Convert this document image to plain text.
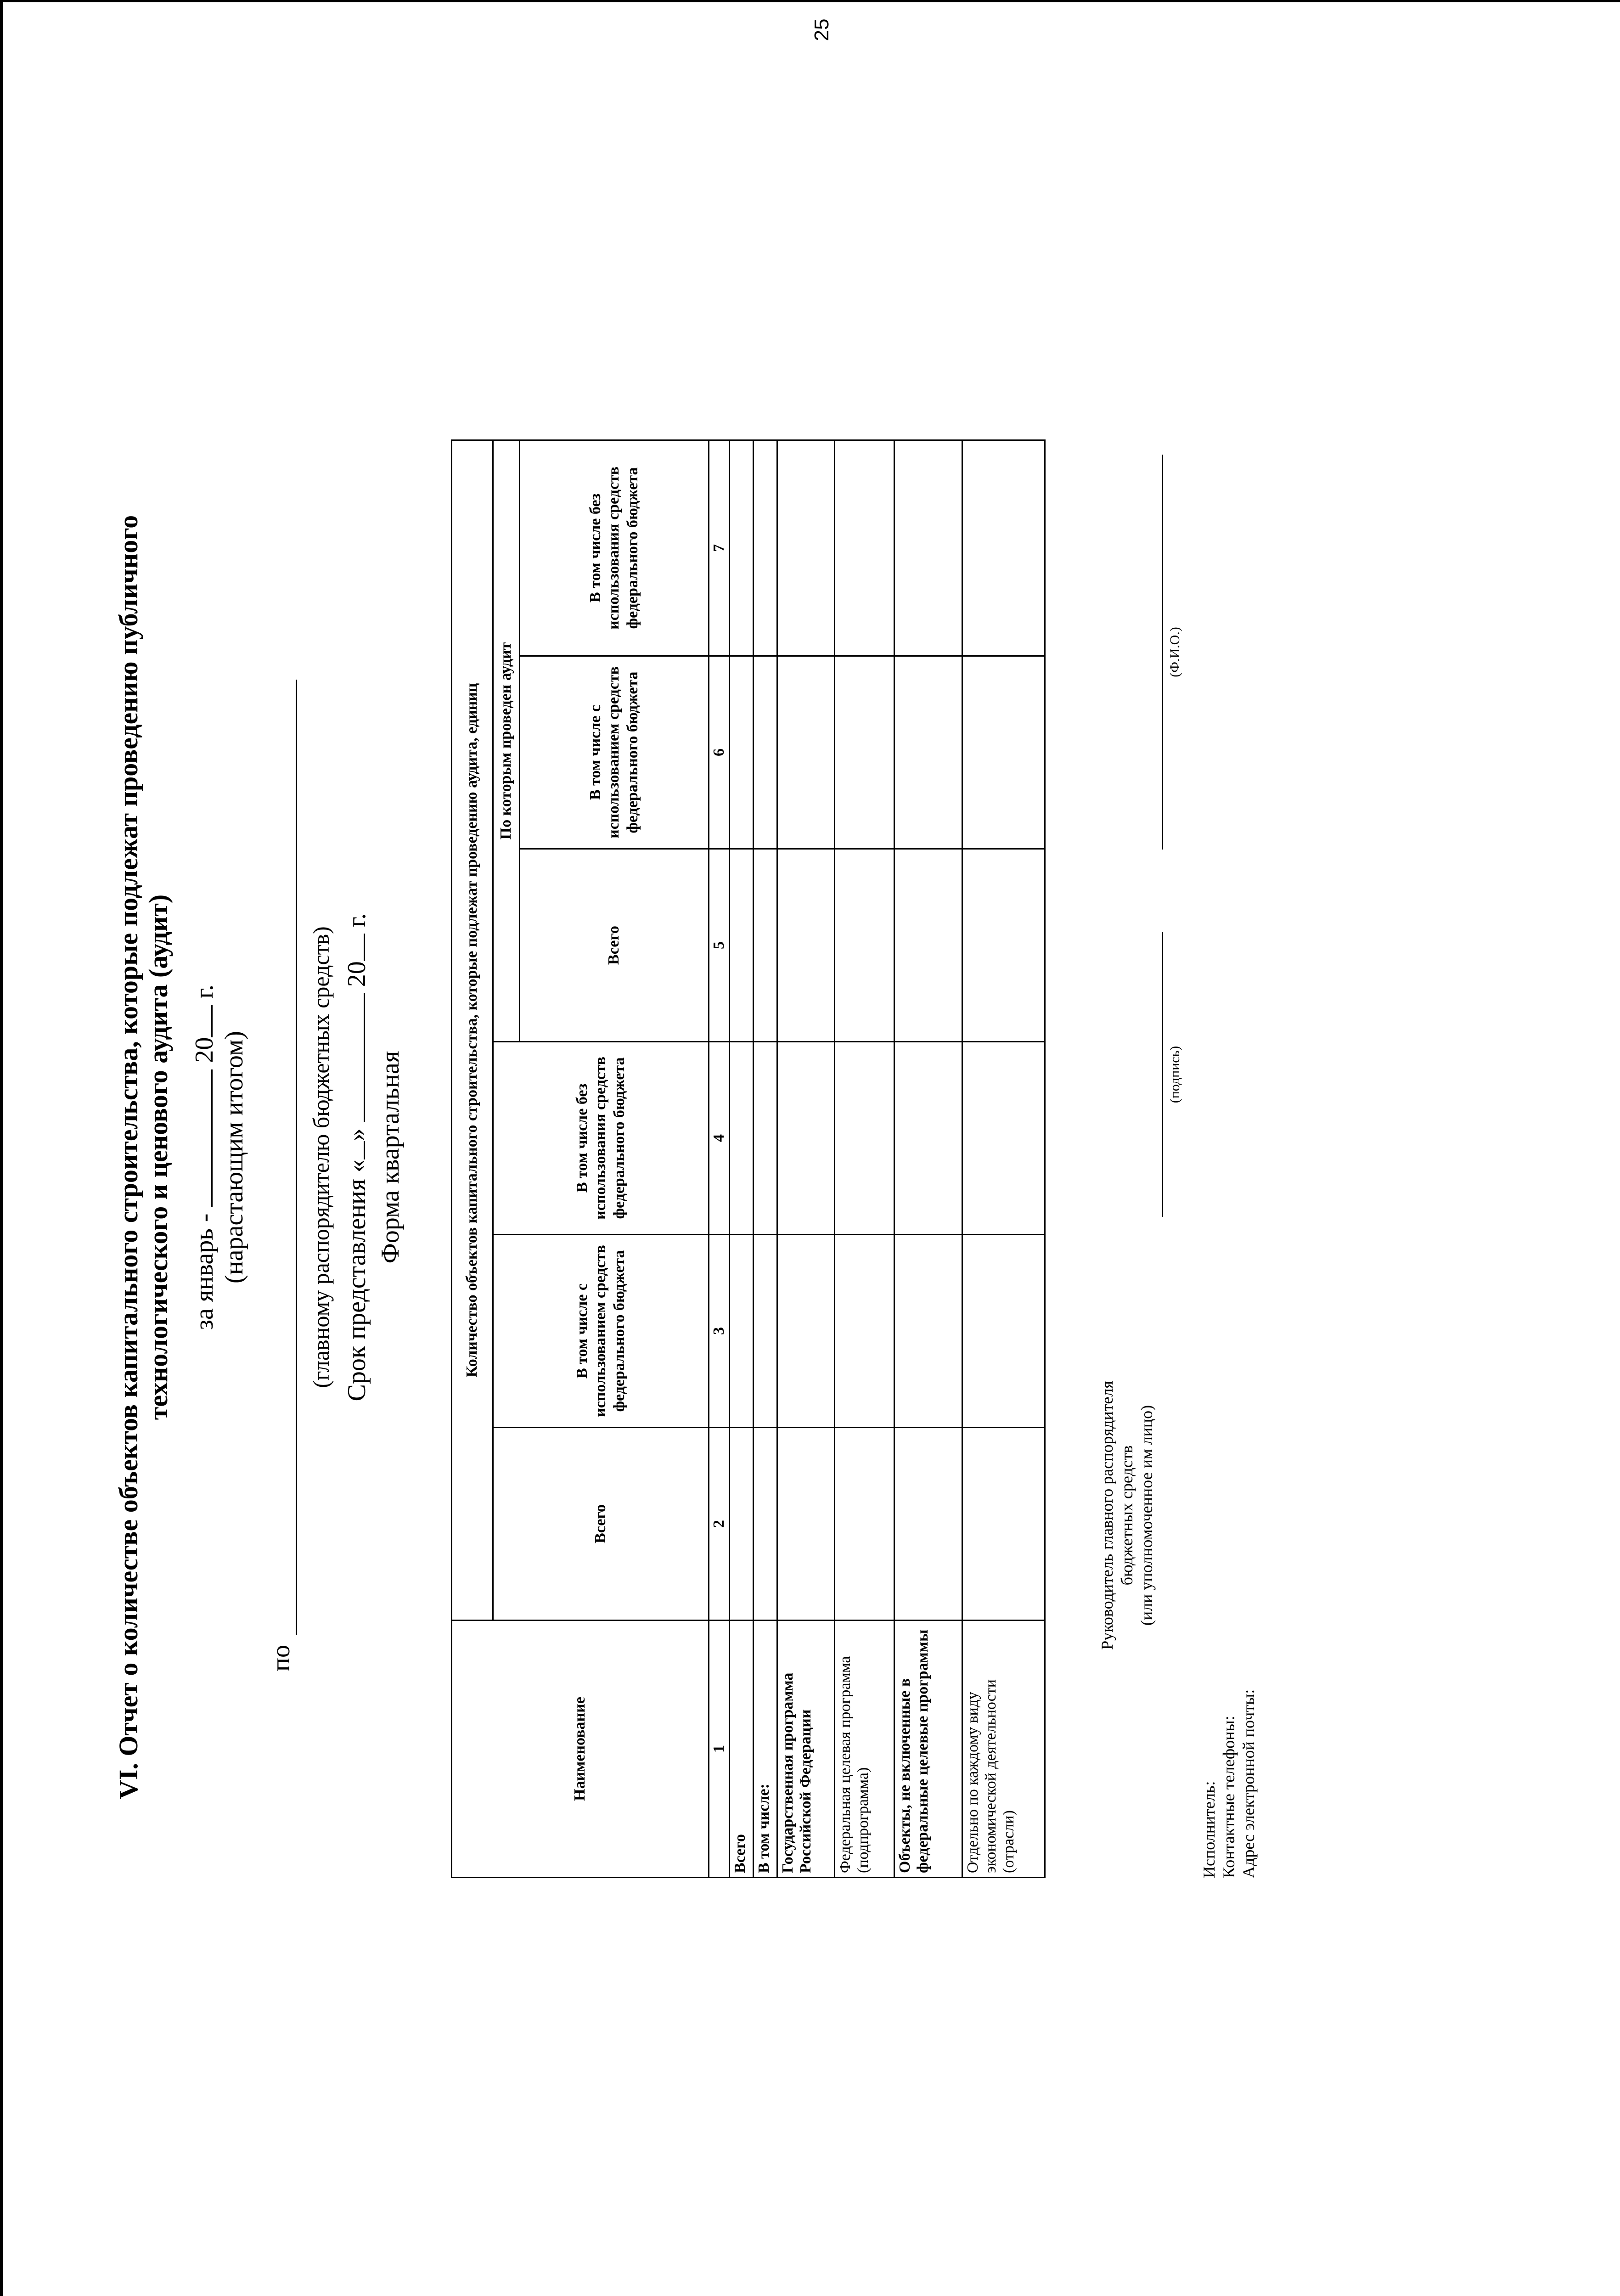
25
VI. Отчет о количестве объектов капитального строительства, которые подлежат проведению публичного технологического и ценового аудита (аудит) за январь -  20 г.
(нарастающим итогом)
по
(главному распорядителю бюджетных средств) Срок представления «»  20 г.
Форма квартальная
Наименование	Количество объектов капитального строительства, которые подлежат проведению аудита, единиц					
	Всего	В том числе с использованием средств федерального бюджета	В том числе без использования средств федерального бюджета	По которым проведен аудит		
				Всего	В том числе с использованием средств федерального бюджета	В том числе без использования средств федерального бюджета
1	2	3	4	5	6	7
Всего						
В том числе:						
Государственная программа Российской Федерации						
Федеральная целевая программа (подпрограмма)						
Объекты, не включенные в федеральные целевые программы						
Отдельно по каждому виду экономической деятельности (отрасли)						
Руководитель главного распорядителя бюджетных средств (или уполномоченное им лицо)
(подпись)
(Ф.И.О.)
Исполнитель: Контактные телефоны: Адрес электронной почты:
